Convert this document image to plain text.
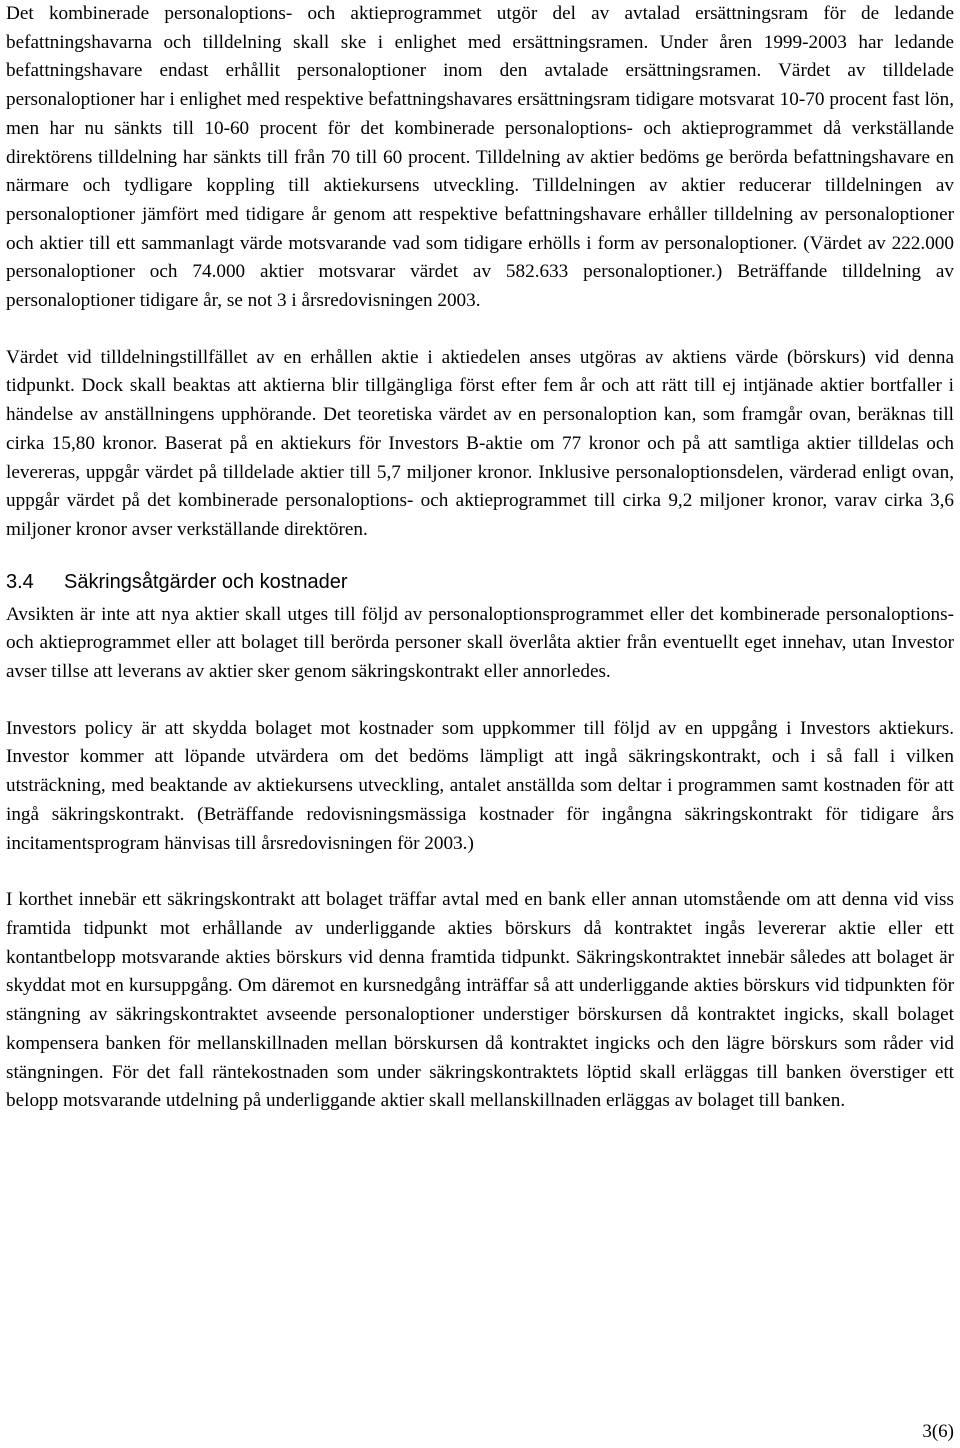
Det kombinerade personaloptions- och aktieprogrammet utgör del av avtalad ersättningsram för de ledande befattningshavarna och tilldelning skall ske i enlighet med ersättningsramen. Under åren 1999-2003 har ledande befattningshavare endast erhållit personaloptioner inom den avtalade ersättningsramen. Värdet av tilldelade personaloptioner har i enlighet med respektive befattningshavares ersättningsram tidigare motsvarat 10-70 procent fast lön, men har nu sänkts till 10-60 procent för det kombinerade personaloptions- och aktieprogrammet då verkställande direktörens tilldelning har sänkts till från 70 till 60 procent. Tilldelning av aktier bedöms ge berörda befattningshavare en närmare och tydligare koppling till aktiekursens utveckling. Tilldelningen av aktier reducerar tilldelningen av personaloptioner jämfört med tidigare år genom att respektive befattningshavare erhåller tilldelning av personaloptioner och aktier till ett sammanlagt värde motsvarande vad som tidigare erhölls i form av personaloptioner. (Värdet av 222.000 personaloptioner och 74.000 aktier motsvarar värdet av 582.633 personaloptioner.) Beträffande tilldelning av personaloptioner tidigare år, se not 3 i årsredovisningen 2003.

Värdet vid tilldelningstillfället av en erhållen aktie i aktiedelen anses utgöras av aktiens värde (börskurs) vid denna tidpunkt. Dock skall beaktas att aktierna blir tillgängliga först efter fem år och att rätt till ej intjänade aktier bortfaller i händelse av anställningens upphörande. Det teoretiska värdet av en personaloption kan, som framgår ovan, beräknas till cirka 15,80 kronor. Baserat på en aktiekurs för Investors B-aktie om 77 kronor och på att samtliga aktier tilldelas och levereras, uppgår värdet på tilldelade aktier till 5,7 miljoner kronor. Inklusive personaloptionsdelen, värderad enligt ovan, uppgår värdet på det kombinerade personaloptions- och aktieprogrammet till cirka 9,2 miljoner kronor, varav cirka 3,6 miljoner kronor avser verkställande direktören.

3.4 Säkringsåtgärder och kostnader

Avsikten är inte att nya aktier skall utges till följd av personaloptionsprogrammet eller det kombinerade personaloptions- och aktieprogrammet eller att bolaget till berörda personer skall överlåta aktier från eventuellt eget innehav, utan Investor avser tillse att leverans av aktier sker genom säkringskontrakt eller annorledes.

Investors policy är att skydda bolaget mot kostnader som uppkommer till följd av en uppgång i Investors aktiekurs. Investor kommer att löpande utvärdera om det bedöms lämpligt att ingå säkringskontrakt, och i så fall i vilken utsträckning, med beaktande av aktiekursens utveckling, antalet anställda som deltar i programmen samt kostnaden för att ingå säkringskontrakt. (Beträffande redovisningsmässiga kostnader för ingångna säkringskontrakt för tidigare års incitamentsprogram hänvisas till årsredovisningen för 2003.)

I korthet innebär ett säkringskontrakt att bolaget träffar avtal med en bank eller annan utomstående om att denna vid viss framtida tidpunkt mot erhållande av underliggande akties börskurs då kontraktet ingås levererar aktie eller ett kontantbelopp motsvarande akties börskurs vid denna framtida tidpunkt. Säkringskontraktet innebär således att bolaget är skyddat mot en kursuppgång. Om däremot en kursnedgång inträffar så att underliggande akties börskurs vid tidpunkten för stängning av säkringskontraktet avseende personaloptioner understiger börskursen då kontraktet ingicks, skall bolaget kompensera banken för mellanskillnaden mellan börskursen då kontraktet ingicks och den lägre börskurs som råder vid stängningen. För det fall räntekostnaden som under säkringskontraktets löptid skall erläggas till banken överstiger ett belopp motsvarande utdelning på underliggande aktier skall mellanskillnaden erläggas av bolaget till banken.

3(6)
